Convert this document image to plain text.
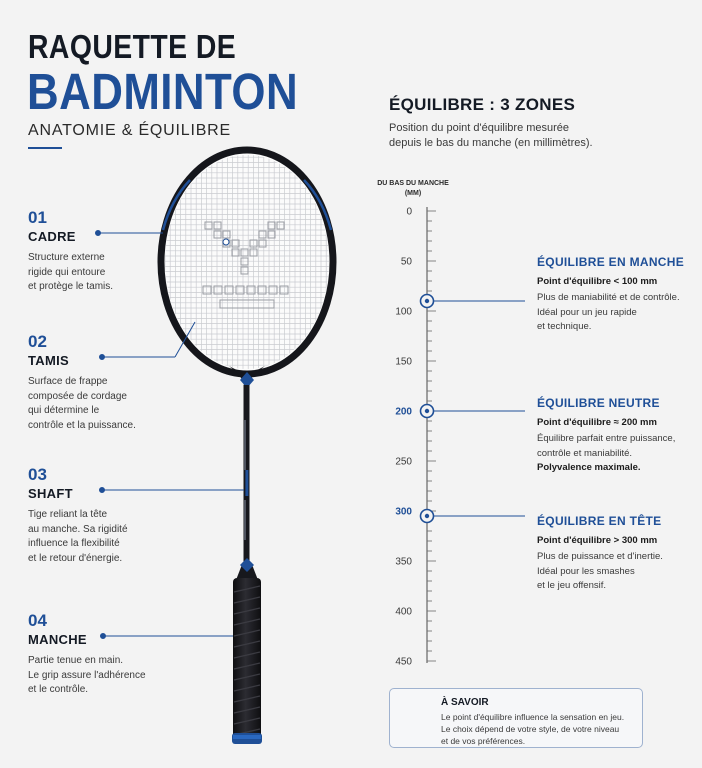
0
50
100
150
200
250
300
350
400
450
RAQUETTE DE
BADMINTON
ANATOMIE & ÉQUILIBRE
01
CADRE
Structure externe
rigide qui entoure
et protège le tamis.
02
TAMIS
Surface de frappe
composée de cordage
qui détermine le
contrôle et la puissance.
03
SHAFT
Tige reliant la tête
au manche. Sa rigidité
influence la flexibilité
et le retour d'énergie.
04
MANCHE
Partie tenue en main.
Le grip assure l'adhérence
et le contrôle.
ÉQUILIBRE : 3 ZONES
Position du point d'équilibre mesurée
depuis le bas du manche (en millimètres).
DU BAS DU MANCHE
(MM)
ÉQUILIBRE EN MANCHE
Point d'équilibre < 100 mm
Plus de maniabilité et de contrôle.
Idéal pour un jeu rapide
et technique.
ÉQUILIBRE NEUTRE
Point d'équilibre ≈ 200 mm
Équilibre parfait entre puissance,
contrôle et maniabilité.
Polyvalence maximale.
ÉQUILIBRE EN TÊTE
Point d'équilibre > 300 mm
Plus de puissance et d'inertie.
Idéal pour les smashes
et le jeu offensif.
À SAVOIR
Le point d'équilibre influence la sensation en jeu.
Le choix dépend de votre style, de votre niveau
et de vos préférences.
